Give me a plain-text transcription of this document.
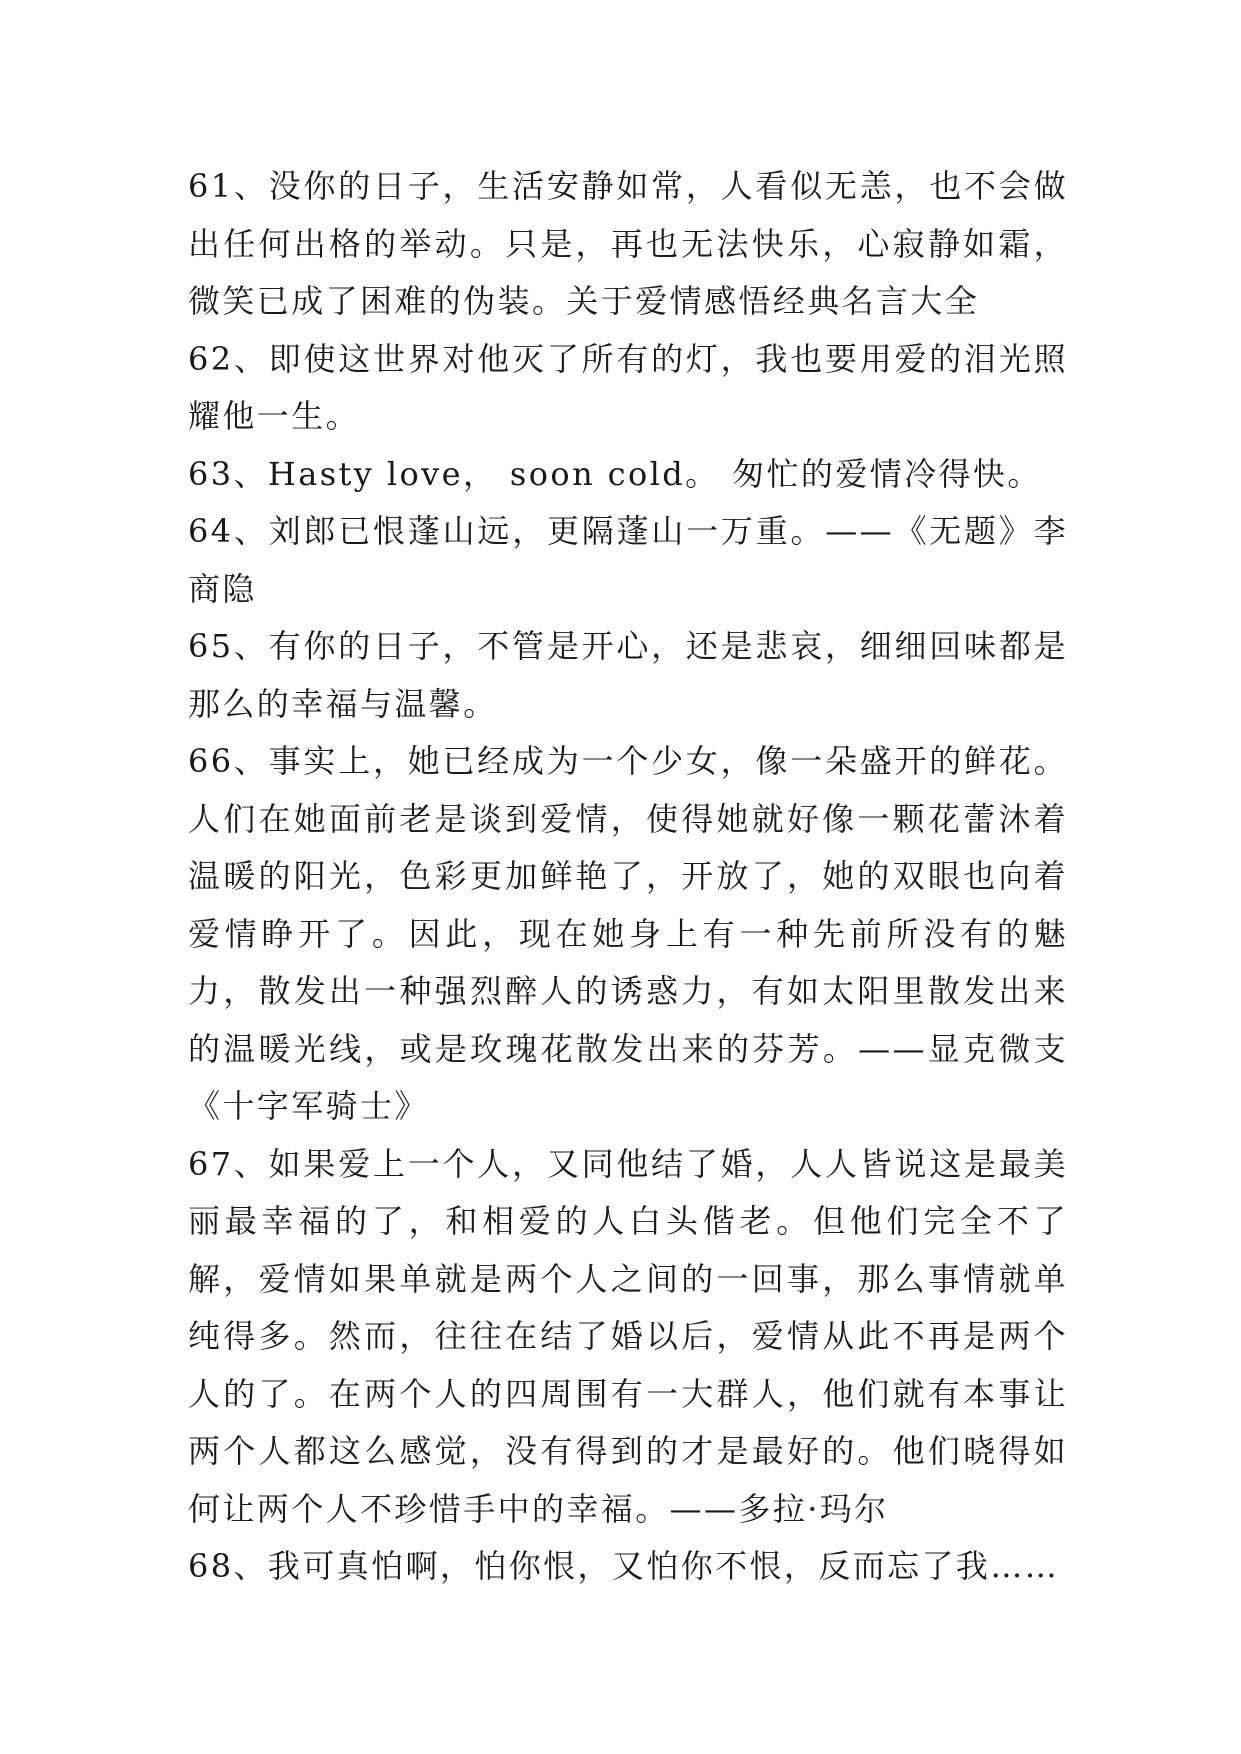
61、没你的日子，生活安静如常，人看似无恙，也不会做出任何出格的举动。只是，再也无法快乐，心寂静如霜，微笑已成了困难的伪装。关于爱情感悟经典名言大全

62、即使这世界对他灭了所有的灯，我也要用爱的泪光照耀他一生。

63、Hasty love， soon cold。 匆忙的爱情冷得快。

64、刘郎已恨蓬山远，更隔蓬山一万重。——《无题》李商隐

65、有你的日子，不管是开心，还是悲哀，细细回味都是那么的幸福与温馨。

66、事实上，她已经成为一个少女，像一朵盛开的鲜花。人们在她面前老是谈到爱情，使得她就好像一颗花蕾沐着温暖的阳光，色彩更加鲜艳了，开放了，她的双眼也向着爱情睁开了。因此，现在她身上有一种先前所没有的魅力，散发出一种强烈醉人的诱惑力，有如太阳里散发出来的温暖光线，或是玫瑰花散发出来的芬芳。——显克微支《十字军骑士》

67、如果爱上一个人，又同他结了婚，人人皆说这是最美丽最幸福的了，和相爱的人白头偕老。但他们完全不了解，爱情如果单就是两个人之间的一回事，那么事情就单纯得多。然而，往往在结了婚以后，爱情从此不再是两个人的了。在两个人的四周围有一大群人，他们就有本事让两个人都这么感觉，没有得到的才是最好的。他们晓得如何让两个人不珍惜手中的幸福。——多拉·玛尔

68、我可真怕啊，怕你恨，又怕你不恨，反而忘了我……
